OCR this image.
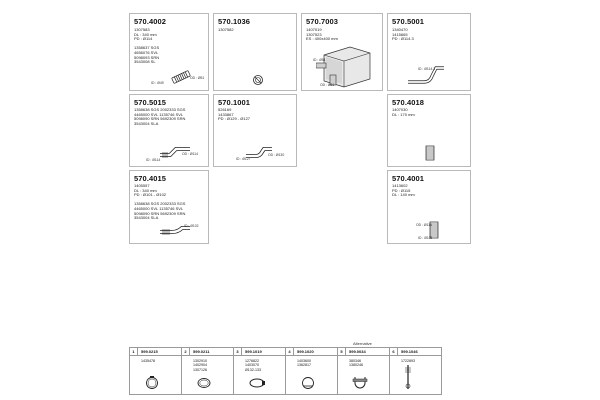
570.4002
1307583
DL : 340 mm
PD : Ø114
1358637 SGS
4656076 SVL
5098093 SRN
3543008 SL
ID : Ø49
OD : Ø51
570.1036
1307582
570.7003
1407019
1307523
ES : 400x400 mm
ID : Ø51
OD : Ø51
570.5001
1340470
1415665
PD : Ø114.3
ID : Ø114.3
570.5015
1358638 SGS 2002333 SGS
4465000 SVL 1135746 SVL
5098090 SRN 5692309 SRN
3543004 SLA
ID : Ø114
OD : Ø114
570.1001
526169
1433867
PD : Ø129 - Ø127
ID : Ø127
OD : Ø130
570.4018
1407030
DL : 170 mm
570.4015
1405557
DL : 340 mm
PD : Ø101 - Ø102
1358638 SGS 2002333 SGS
4465000 SVL 1135746 SVL
5098090 SRN 5692309 SRN
3543004 SLA
ID : Ø102
570.4001
1413602
PD : Ø115
DL : 140 mm
OD : Ø114
ID : Ø115
Alternative
1	599.0215
1435478
2	599.0211
1302910
1402904
1307126
3	599.1019
1276822
1403070
Ø132-133
4	599.1020
1403600
1362817
5	599.0034
380346
1380246
6	599.1046
1722893
